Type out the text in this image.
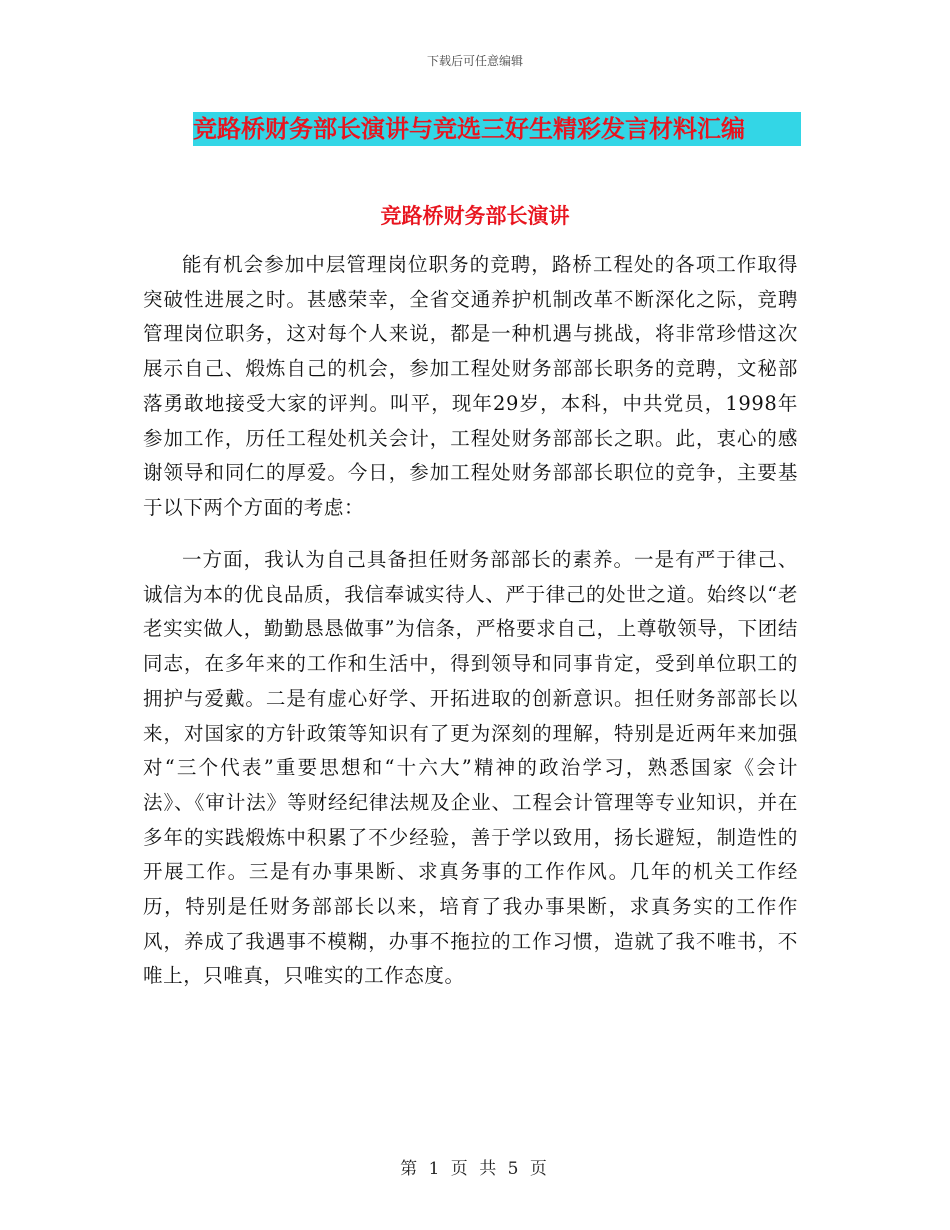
下载后可任意编辑
竞路桥财务部长演讲与竞选三好生精彩发言材料汇编
竞路桥财务部长演讲

能有机会参加中层管理岗位职务的竞聘，路桥工程处的各项工作取得突破性进展之时。甚感荣幸，全省交通养护机制改革不断深化之际，竞聘管理岗位职务，这对每个人来说，都是一种机遇与挑战，将非常珍惜这次展示自己、煅炼自己的机会，参加工程处财务部部长职务的竞聘，文秘部落勇敢地接受大家的评判。叫平，现年29岁，本科，中共党员，1998年参加工作，历任工程处机关会计，工程处财务部部长之职。此，衷心的感谢领导和同仁的厚爱。今日，参加工程处财务部部长职位的竞争，主要基于以下两个方面的考虑：

一方面，我认为自己具备担任财务部部长的素养。一是有严于律己、诚信为本的优良品质，我信奉诚实待人、严于律己的处世之道。始终以“老老实实做人，勤勤恳恳做事”为信条，严格要求自己，上尊敬领导，下团结同志，在多年来的工作和生活中，得到领导和同事肯定，受到单位职工的拥护与爱戴。二是有虚心好学、开拓进取的创新意识。担任财务部部长以来，对国家的方针政策等知识有了更为深刻的理解，特别是近两年来加强对“三个代表”重要思想和“十六大”精神的政治学习，熟悉国家《会计法》、《审计法》等财经纪律法规及企业、工程会计管理等专业知识，并在多年的实践煅炼中积累了不少经验，善于学以致用，扬长避短，制造性的开展工作。三是有办事果断、求真务事的工作作风。几年的机关工作经历，特别是任财务部部长以来，培育了我办事果断，求真务实的工作作风，养成了我遇事不模糊，办事不拖拉的工作习惯，造就了我不唯书，不唯上，只唯真，只唯实的工作态度。

第 1 页 共 5 页
